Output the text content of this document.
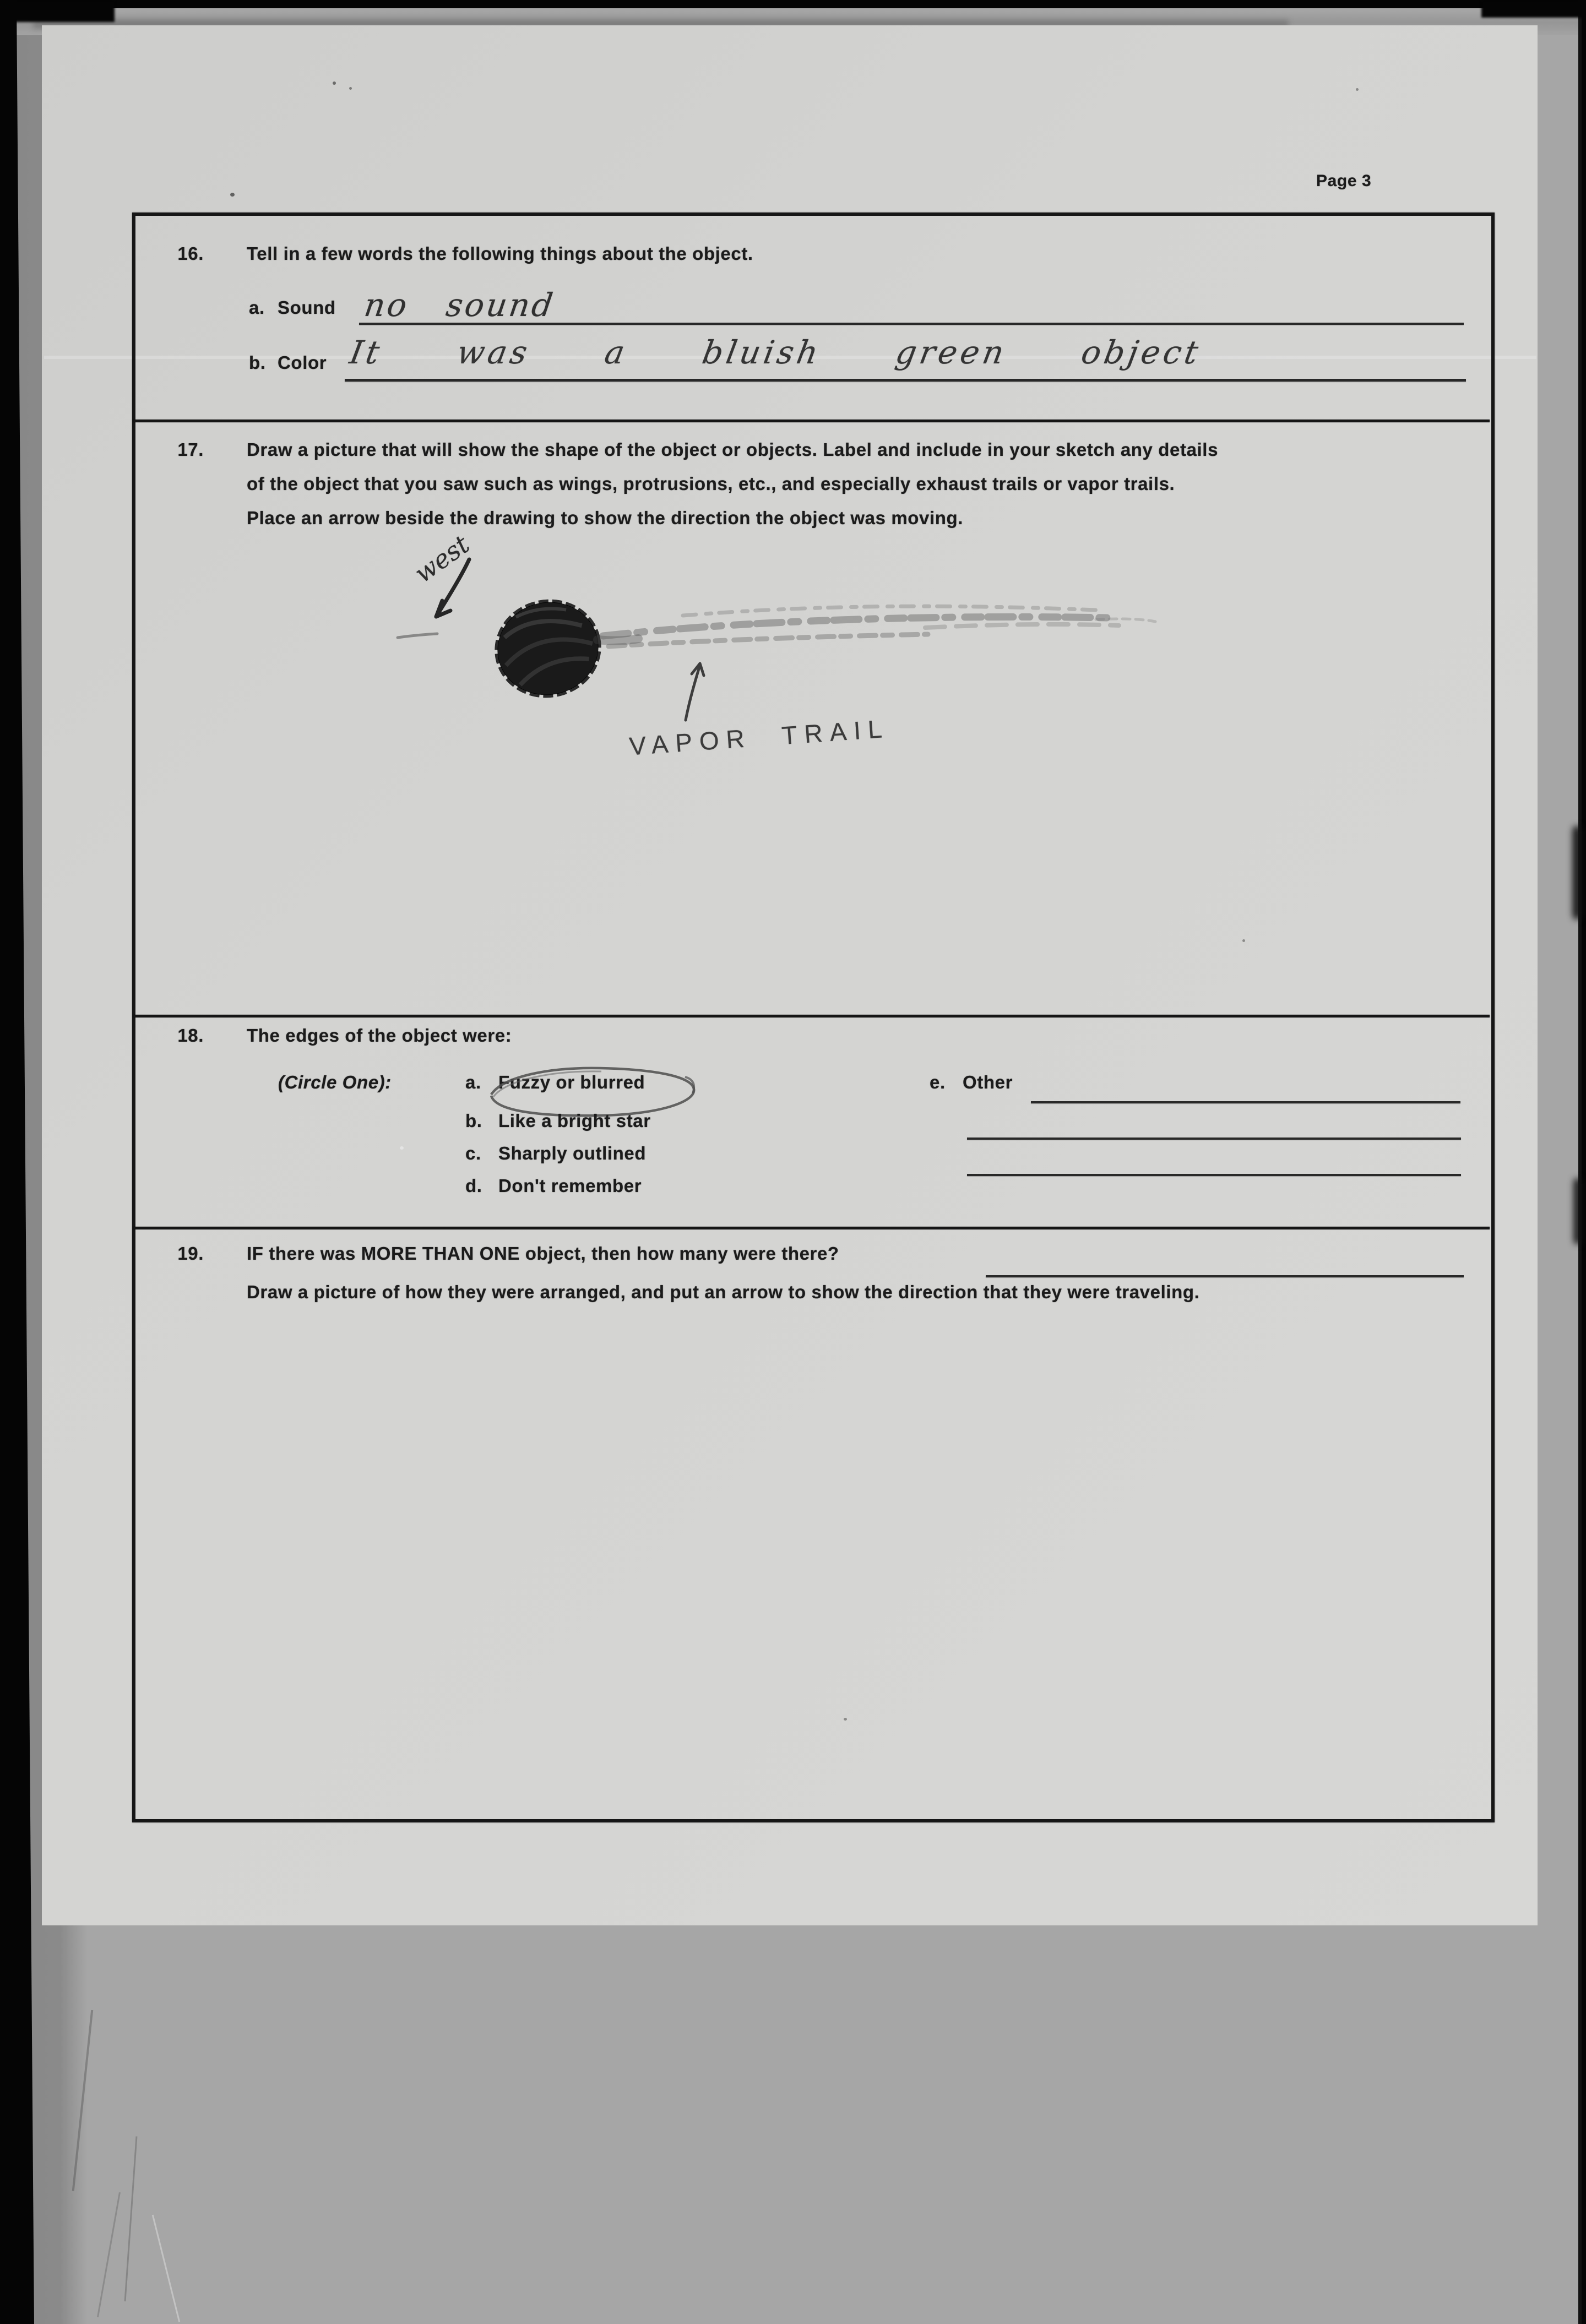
Page 3
16. Tell in a few words the following things about the object.
a. Sound no sound
b. Color It was a bluish green object
17. Draw a picture that will show the shape of the object or objects. Label and include in your sketch any details
of the object that you saw such as wings, protrusions, etc., and especially exhaust trails or vapor trails.
Place an arrow beside the drawing to show the direction the object was moving.
west
VAPOR TRAIL
18. The edges of the object were:
(Circle One):	a. Fuzzy or blurred
b. Like a bright star
c. Sharply outlined
d. Don't remember
e. Other
19. IF there was MORE THAN ONE object, then how many were there?
Draw a picture of how they were arranged, and put an arrow to show the direction that they were traveling.
